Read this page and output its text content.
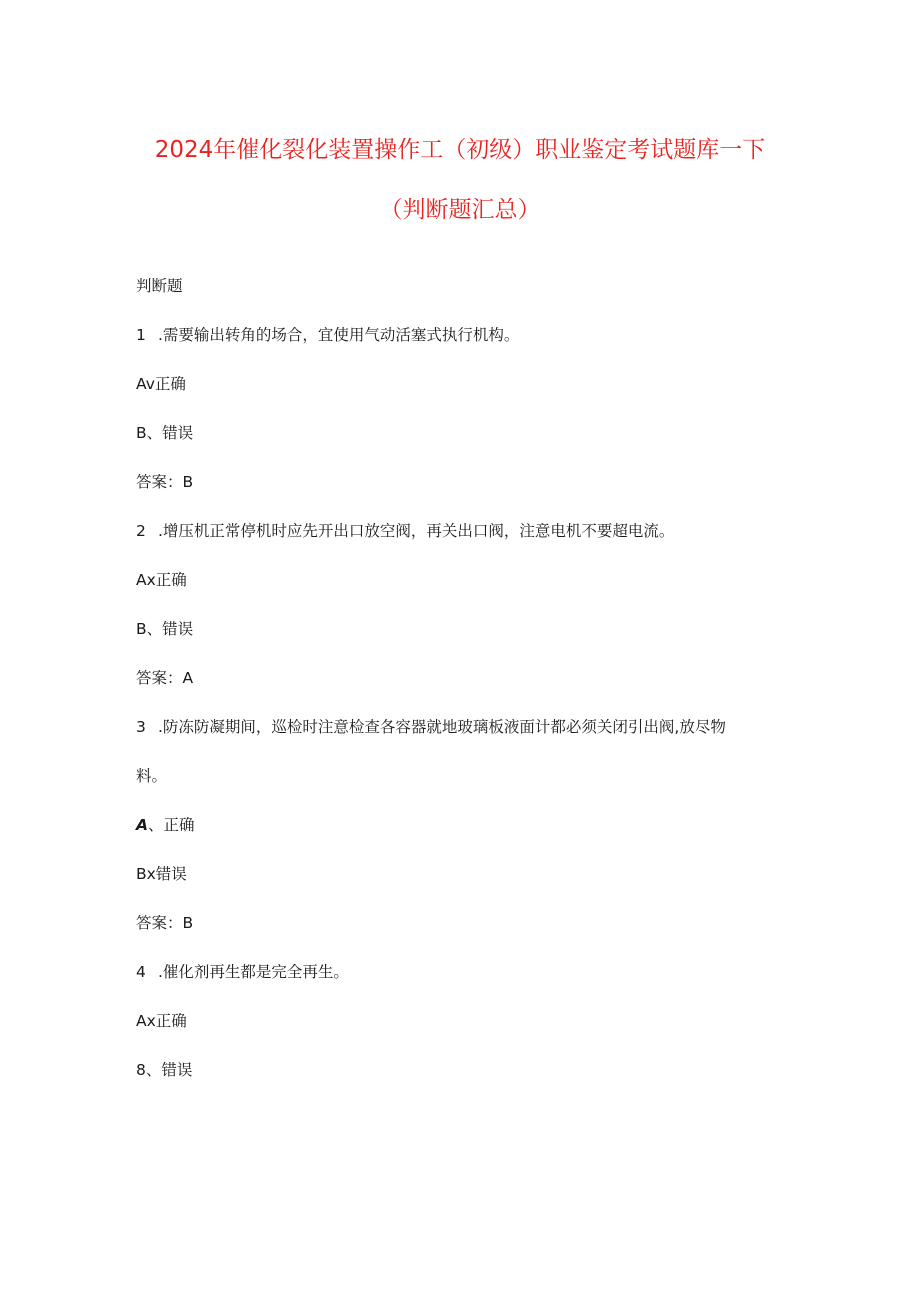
2024年催化裂化装置操作工（初级）职业鉴定考试题库一下
（判断题汇总）
判断题
1 .需要输出转角的场合，宜使用气动活塞式执行机构。
Av正确
B、错误
答案：B
2 .增压机正常停机时应先开出口放空阀，再关出口阀，注意电机不要超电流。
Ax正确
B、错误
答案：A
3 .防冻防凝期间，巡检时注意检查各容器就地玻璃板液面计都必须关闭引出阀,放尽物
料。
A、正确
Bx错误
答案：B
4 .催化剂再生都是完全再生。
Ax正确
8、错误
